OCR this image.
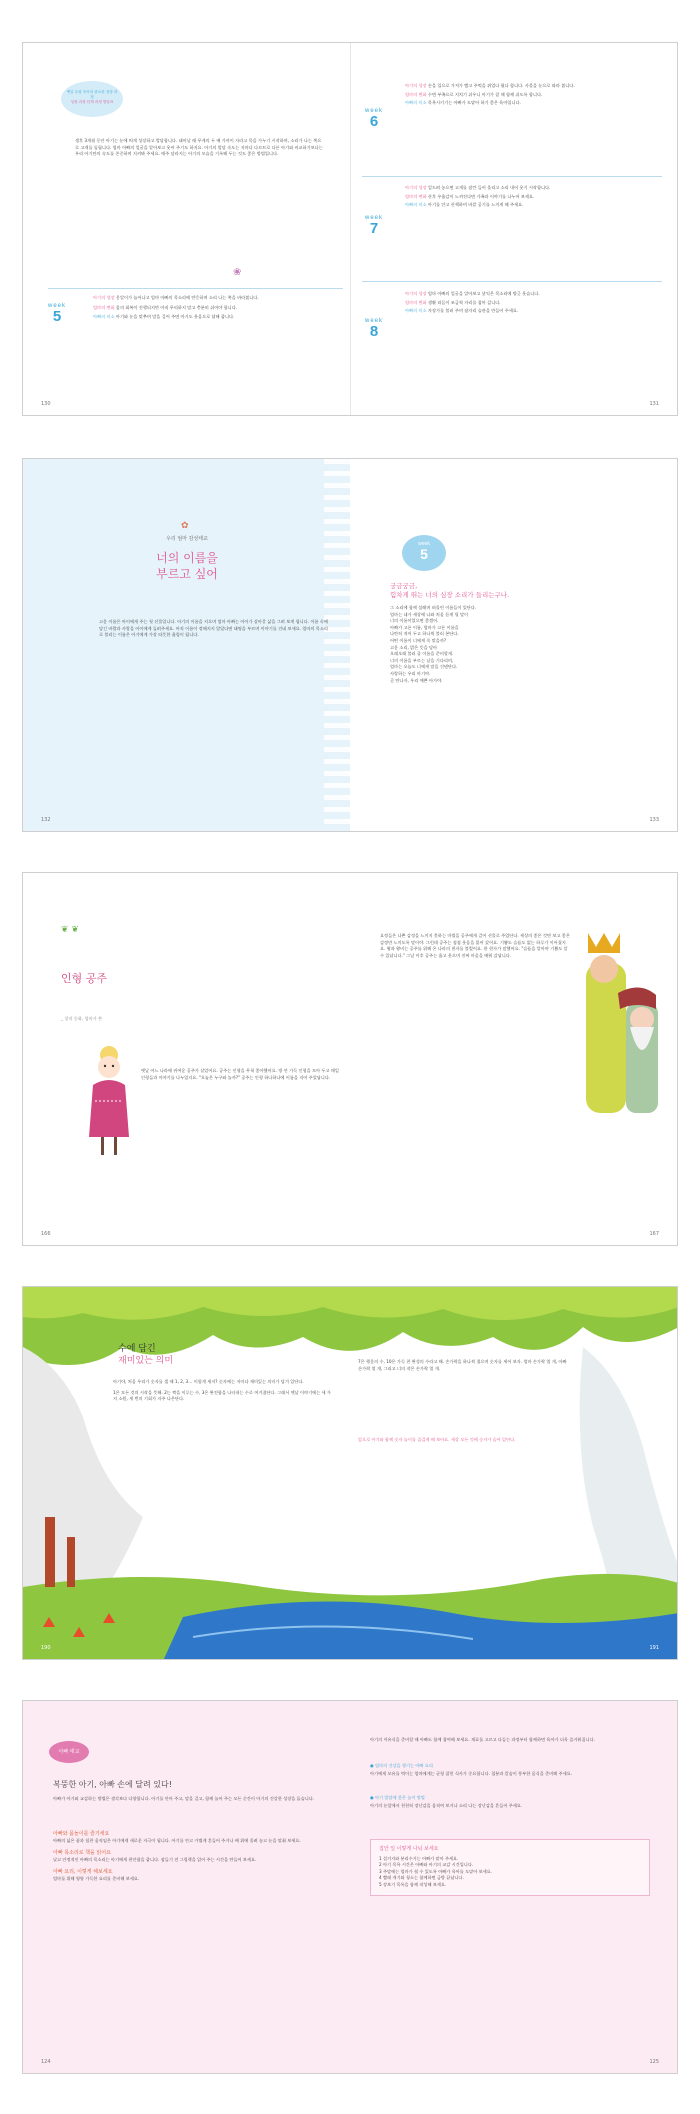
백일 무렵 육아의 중요한 성장 과정
성장 과정 단계 과정 발달표
생후 3개월 동안 아기는 눈에 띄게 성장하고 발달합니다. 태어날 때 무게의 두 배 가까이 자라고 목을 가누기 시작하며, 소리가 나는 쪽으로 고개를 돌립니다. 엄마 아빠의 얼굴을 알아보고 웃어 주기도 하지요. 아기의 발달 속도는 저마다 다르므로 다른 아기와 비교하기보다는 우리 아기만의 속도를 존중하며 지켜봐 주세요. 매주 달라지는 아기의 모습을 기록해 두는 것도 좋은 방법입니다.
❀
week
5
아기의 성장 옹알이가 늘어나고 엄마 아빠의 목소리에 반응하며 소리 나는 쪽을 바라봅니다.
엄마의 변화 몸의 회복이 진행되지만 아직 무리하지 말고 충분히 쉬어야 합니다.
아빠의 미소 아기와 눈을 맞추며 말을 걸어 주면 아기도 웃음으로 답해 줍니다.
130
week
6
아기의 성장 손을 입으로 가져가 빨고 주먹을 쥐었다 폈다 합니다. 사물을 눈으로 따라 봅니다.
엄마의 변화 수면 부족으로 지치기 쉬우니 아기가 잘 때 함께 쉬도록 합니다.
아빠의 미소 목욕시키기는 아빠가 도맡아 하기 좋은 육아입니다.
week
7
아기의 성장 엎드려 놓으면 고개를 잠깐 들어 올리고 소리 내어 웃기 시작합니다.
엄마의 변화 산후 우울감이 느껴진다면 가족과 이야기를 나누어 보세요.
아빠의 미소 아기를 안고 산책하며 바깥 공기를 느끼게 해 주세요.
week
8
아기의 성장 엄마 아빠의 얼굴을 알아보고 낯익은 목소리에 방긋 웃습니다.
엄마의 변화 생활 리듬이 조금씩 자리를 잡아 갑니다.
아빠의 미소 자장가를 불러 주며 잠자리 습관을 만들어 주세요.
131
✿
우리 엄마 감성태교
너의 이름을
부르고 싶어
고운 이름은 아이에게 주는 첫 선물입니다. 아기의 이름을 지으며 엄마 아빠는 아이가 살아갈 삶을 그려 보게 됩니다. 이름 속에 담긴 바람과 사랑을 아이에게 들려주세요. 아직 이름이 정해지지 않았다면 태명을 부르며 이야기를 건네 보세요. 엄마의 목소리로 불리는 이름은 아기에게 가장 따뜻한 울림이 됩니다.
132
week
5
궁금궁금,
힘차게 뛰는 너의 심장 소리가 들리는구나.
그 소리에 함께 설레며 떠올린 이름들이 있단다.
엄마는 네가 세상에 나와 처음 듣게 될 말이
너의 이름이었으면 좋겠어.
아빠가 고른 이름, 엄마가 고른 이름을
나란히 적어 두고 하나씩 불러 본단다.
어떤 이름이 너에게 꼭 맞을까?
고운 소리, 밝은 뜻을 담아
오래오래 불러 줄 이름을 준비할게.
너의 이름을 부르는 날을 기다리며,
엄마는 오늘도 너에게 말을 건넨단다.
사랑하는 우리 아기야.
곧 만나자, 우리 예쁜 아가야.
133
❦ ❦
인형 공주
_ 창작 동화, 엄마가 쓴
옛날 어느 나라에 귀여운 공주가 살았어요. 공주는 인형을 무척 좋아했어요. 방 안 가득 인형을 모아 두고 매일 인형들과 이야기를 나누었지요. "오늘은 누구와 놀까?" 공주는 인형 하나하나에 이름을 지어 주었답니다.
166
요정들은 나쁜 감정을 느끼지 못하는 마법을 공주에게 걸어 선물로 주었단다. 세상의 좋은 것만 보고 좋은 감정만 느끼도록 말이야. 그런데 공주는 점점 웃음을 잃어 갔어요. 기쁨도 슬픔도 없는 하루가 이어졌지요. 왕과 왕비는 공주를 위해 온 나라의 현자를 불렀어요. 한 현자가 말했어요. "슬픔을 알아야 기쁨도 알 수 있답니다." 그날 이후 공주는 울고 웃으며 진짜 마음을 배워 갔답니다.
167
수에 담긴
재미있는 의미
아기야, 처음 우리가 숫자를 셀 때 1, 2, 3… 이렇게 세지? 숫자에는 저마다 재미있는 의미가 담겨 있단다.
1은 모든 것의 시작을 뜻해. 2는 짝을 이루는 수, 3은 완전함을 나타내는 수로 여겨졌단다. 그래서 옛날 이야기에는 세 가지 소원, 세 번의 기회가 자주 나온단다.
190
7은 행운의 수, 10은 가득 찬 완성의 수라고 해. 손가락을 하나씩 접으며 숫자를 세어 보자. 엄마 손가락 열 개, 아빠 손가락 열 개, 그리고 너의 작은 손가락 열 개.
앞으로 아기와 함께 숫자 놀이를 즐겁게 해 보아요. 세상 모든 것에 숫자가 숨어 있단다.
191
아빠 태교
복뚱한 아기, 아빠 손에 달려 있다!
아빠가 아기와 교감하는 방법은 생각보다 다양합니다. 아기를 안아 주고, 말을 걸고, 함께 놀아 주는 모든 순간이 아기의 건강한 성장을 돕습니다.
아빠와 몸놀이를 즐기세요
아빠의 넓은 품과 힘찬 움직임은 아기에게 새로운 자극이 됩니다. 아기를 안고 가볍게 흔들어 주거나 배 위에 올려 놓고 눈을 맞춰 보세요.
아빠 목소리로 책을 읽어요
낮고 안정적인 아빠의 목소리는 아기에게 편안함을 줍니다. 잠들기 전 그림책을 읽어 주는 시간을 만들어 보세요.
아빠 요리, 이렇게 해보세요
엄마를 위해 영양 가득한 요리를 준비해 보세요.
124
아기의 이유식을 준비할 때 아빠도 함께 참여해 보세요. 재료를 고르고 다듬는 과정부터 함께하면 육아가 더욱 즐거워집니다.
● 엄마의 건강을 챙기는 아빠 요리
아기에게 모유를 먹이는 엄마에게는 균형 잡힌 식사가 중요합니다. 철분과 칼슘이 풍부한 음식을 준비해 주세요.
● 아기 발달에 좋은 놀이 방법
아기의 눈앞에서 천천히 장난감을 움직여 보거나 소리 나는 장난감을 흔들어 주세요.
집안 일 이렇게 나눠 보세요
1 설거지와 분리수거는 아빠가 맡아 주세요.
2 아기 목욕 시간은 아빠와 아기의 교감 시간입니다.
3 주말에는 엄마가 쉴 수 있도록 아빠가 육아를 도맡아 보세요.
4 빨래 개기와 청소는 함께하면 금방 끝납니다.
5 장보기 목록을 함께 작성해 보세요.
125
